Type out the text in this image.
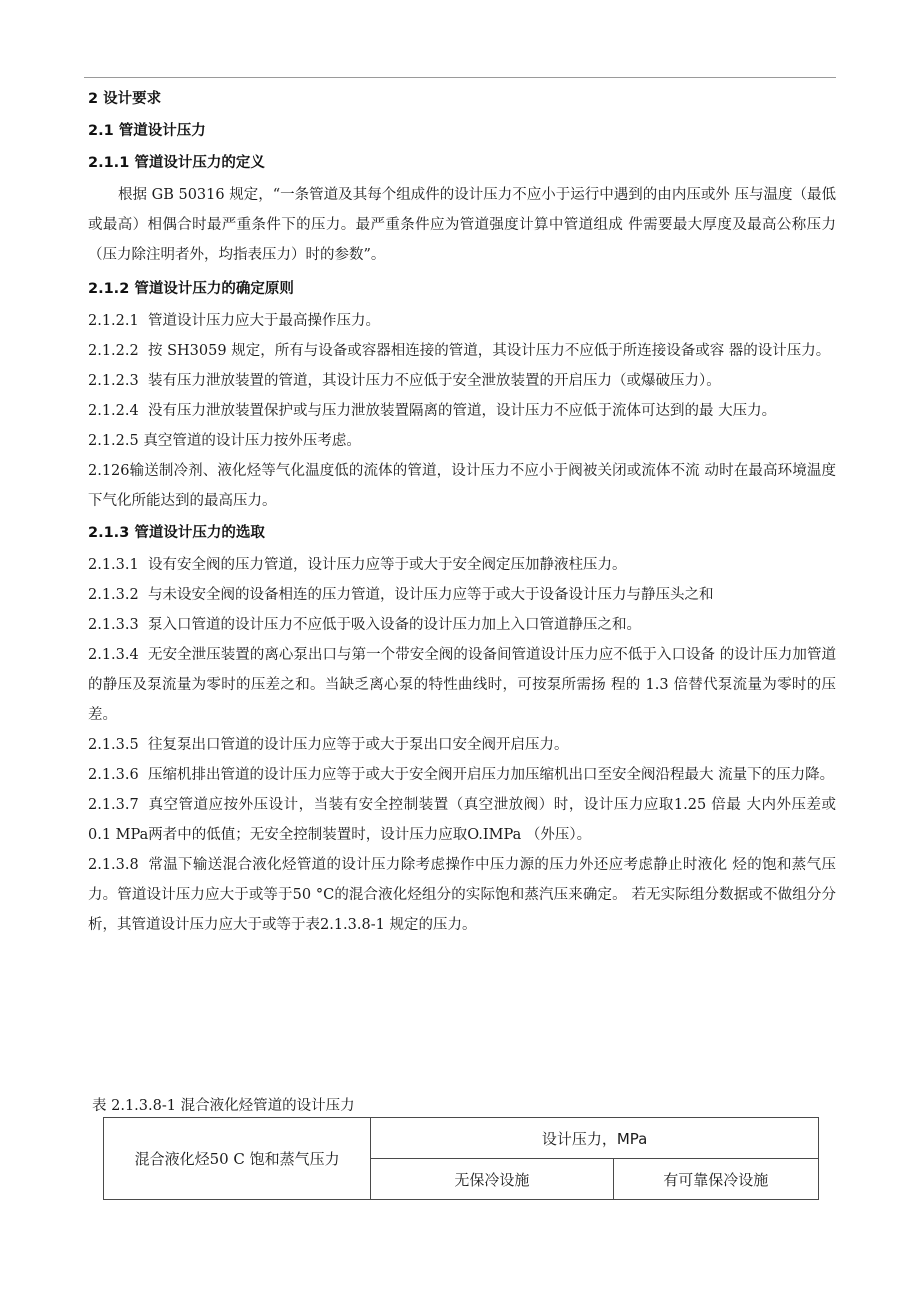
2 设计要求
2.1 管道设计压力
2.1.1 管道设计压力的定义

根据 GB 50316 规定，“一条管道及其每个组成件的设计压力不应小于运行中遇到的由内压或外 压与温度（最低或最高）相偶合时最严重条件下的压力。最严重条件应为管道强度计算中管道组成 件需要最大厚度及最高公称压力（压力除注明者外，均指表压力）时的参数”。

2.1.2 管道设计压力的确定原则

2.1.2.1 管道设计压力应大于最高操作压力。

2.1.2.2 按 SH3059 规定，所有与设备或容器相连接的管道，其设计压力不应低于所连接设备或容 器的设计压力。

2.1.2.3 装有压力泄放装置的管道，其设计压力不应低于安全泄放装置的开启压力（或爆破压力）。

2.1.2.4 没有压力泄放装置保护或与压力泄放装置隔离的管道，设计压力不应低于流体可达到的最 大压力。

2.1.2.5 真空管道的设计压力按外压考虑。

2.126输送制冷剂、液化烃等气化温度低的流体的管道，设计压力不应小于阀被关闭或流体不流 动时在最高环境温度下气化所能达到的最高压力。

2.1.3 管道设计压力的选取

2.1.3.1 设有安全阀的压力管道，设计压力应等于或大于安全阀定压加静液柱压力。

2.1.3.2 与未设安全阀的设备相连的压力管道，设计压力应等于或大于设备设计压力与静压头之和

2.1.3.3 泵入口管道的设计压力不应低于吸入设备的设计压力加上入口管道静压之和。

2.1.3.4 无安全泄压装置的离心泵出口与第一个带安全阀的设备间管道设计压力应不低于入口设备 的设计压力加管道的静压及泵流量为零时的压差之和。当缺乏离心泵的特性曲线时，可按泵所需扬 程的 1.3 倍替代泵流量为零时的压差。

2.1.3.5 往复泵出口管道的设计压力应等于或大于泵出口安全阀开启压力。

2.1.3.6 压缩机排出管道的设计压力应等于或大于安全阀开启压力加压缩机出口至安全阀沿程最大 流量下的压力降。

2.1.3.7 真空管道应按外压设计，当装有安全控制装置（真空泄放阀）时，设计压力应取1.25 倍最 大内外压差或0.1 MPa两者中的低值；无安全控制装置时，设计压力应取O.IMPa （外压）。

2.1.3.8 常温下输送混合液化烃管道的设计压力除考虑操作中压力源的压力外还应考虑静止时液化 烃的饱和蒸气压力。管道设计压力应大于或等于50 °C的混合液化烃组分的实际饱和蒸汽压来确定。 若无实际组分数据或不做组分分析，其管道设计压力应大于或等于表2.1.3.8-1 规定的压力。

表 2.1.3.8-1 混合液化烃管道的设计压力
混合液化烃50 C 饱和蒸气压力	设计压力，MPa	
	无保冷设施	有可靠保冷设施
